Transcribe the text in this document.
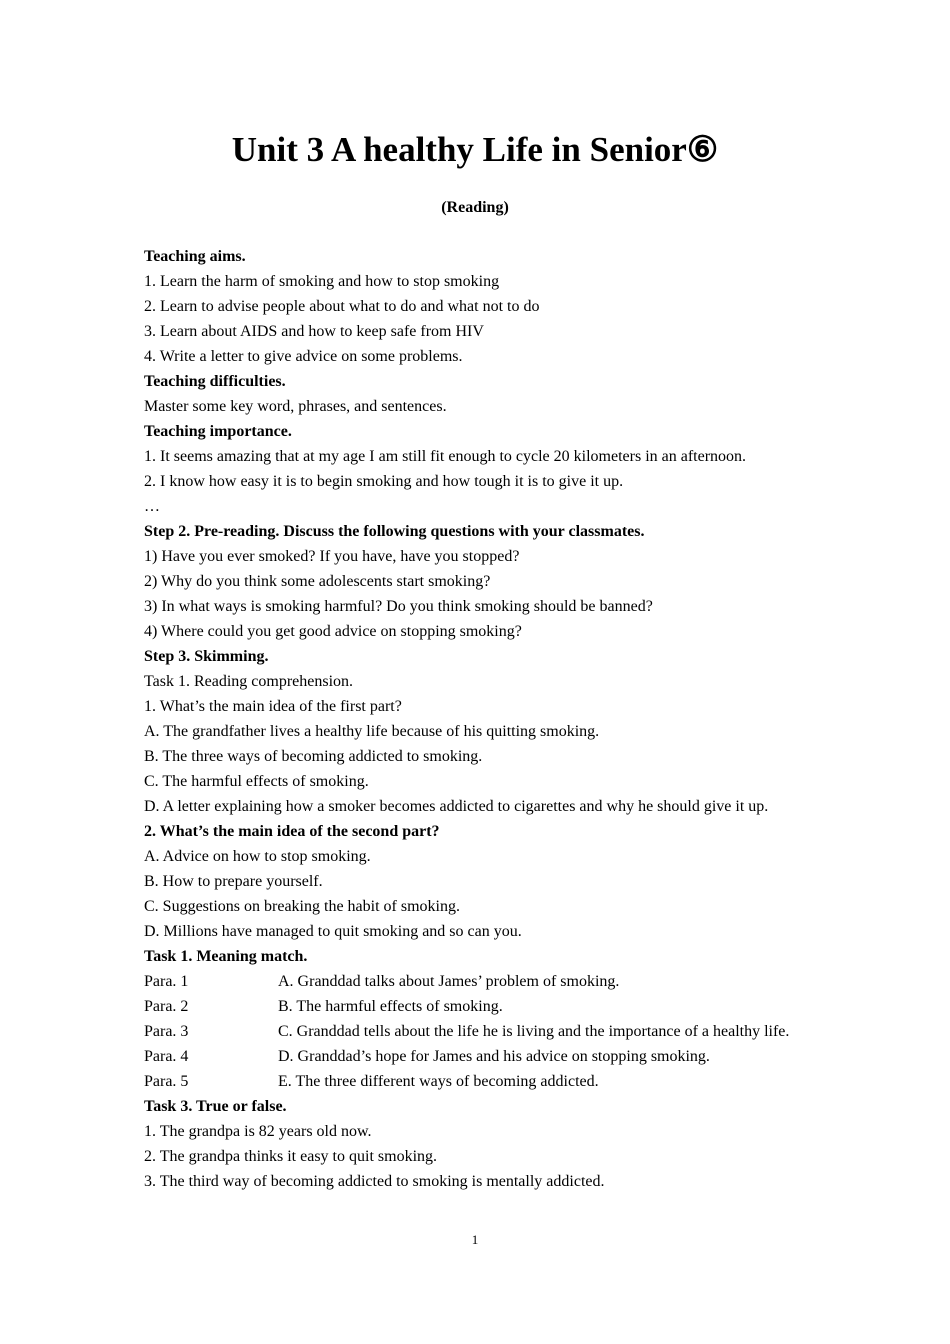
Unit 3 A healthy Life in Senior⑥
(Reading)
Teaching aims.
1. Learn the harm of smoking and how to stop smoking
2. Learn to advise people about what to do and what not to do
3. Learn about AIDS and how to keep safe from HIV
4. Write a letter to give advice on some problems.
Teaching difficulties.
Master some key word, phrases, and sentences.
Teaching importance.
1. It seems amazing that at my age I am still fit enough to cycle 20 kilometers in an afternoon.
2. I know how easy it is to begin smoking and how tough it is to give it up.
…
Step 2. Pre-reading. Discuss the following questions with your classmates.
1) Have you ever smoked? If you have, have you stopped?
2) Why do you think some adolescents start smoking?
3) In what ways is smoking harmful? Do you think smoking should be banned?
4) Where could you get good advice on stopping smoking?
Step 3. Skimming.
Task 1. Reading comprehension.
1. What’s the main idea of the first part?
A. The grandfather lives a healthy life because of his quitting smoking.
B. The three ways of becoming addicted to smoking.
C. The harmful effects of smoking.
D. A letter explaining how a smoker becomes addicted to cigarettes and why he should give it up.
2. What’s the main idea of the second part?
A. Advice on how to stop smoking.
B. How to prepare yourself.
C. Suggestions on breaking the habit of smoking.
D. Millions have managed to quit smoking and so can you.
Task 1. Meaning match.
Para. 1	A. Granddad talks about James’ problem of smoking.
Para. 2	B. The harmful effects of smoking.
Para. 3	C. Granddad tells about the life he is living and the importance of a healthy life.
Para. 4	D. Granddad’s hope for James and his advice on stopping smoking.
Para. 5	E. The three different ways of becoming addicted.
Task 3. True or false.
1. The grandpa is 82 years old now.
2. The grandpa thinks it easy to quit smoking.
3. The third way of becoming addicted to smoking is mentally addicted.
1
